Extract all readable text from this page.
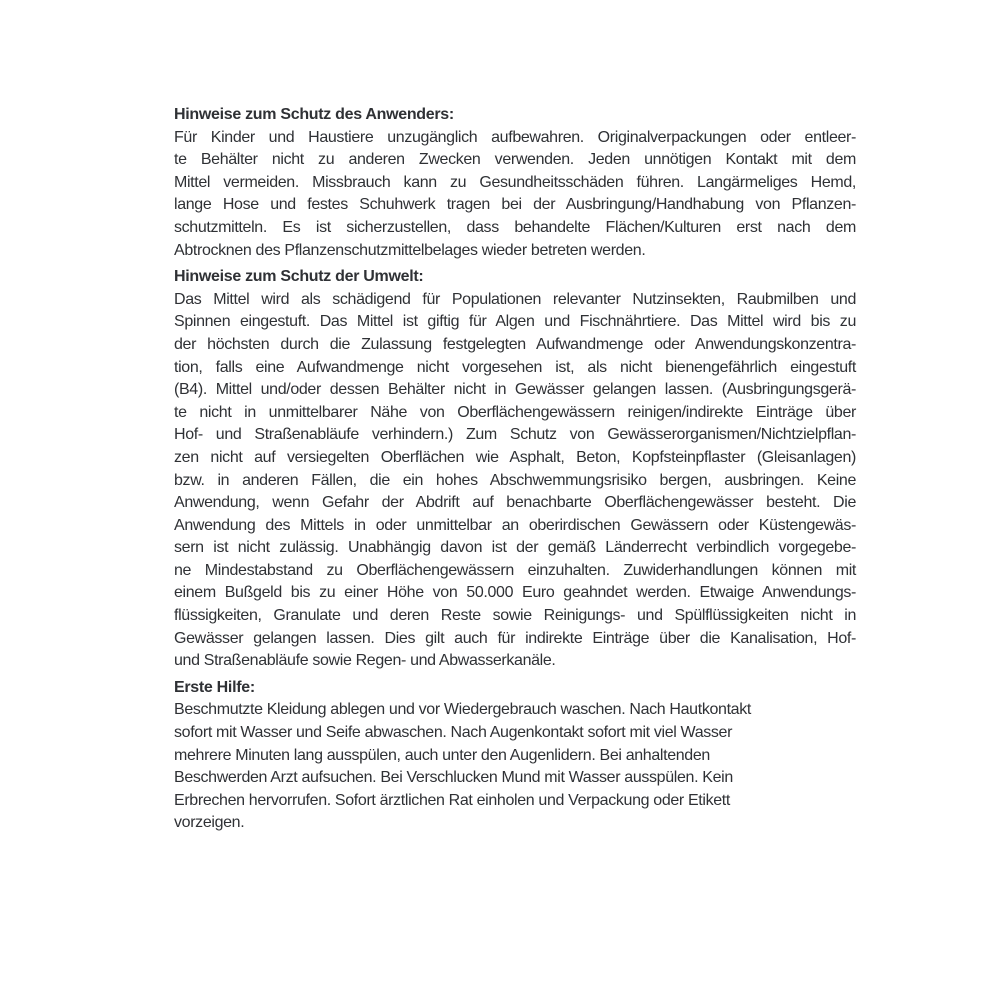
Hinweise zum Schutz des Anwenders:
Für Kinder und Haustiere unzugänglich aufbewahren. Originalverpackungen oder entleer-
te Behälter nicht zu anderen Zwecken verwenden. Jeden unnötigen Kontakt mit dem
Mittel vermeiden. Missbrauch kann zu Gesundheitsschäden führen. Langärmeliges Hemd,
lange Hose und festes Schuhwerk tragen bei der Ausbringung/Handhabung von Pflanzen-
schutzmitteln. Es ist sicherzustellen, dass behandelte Flächen/Kulturen erst nach dem
Abtrocknen des Pflanzenschutzmittelbelages wieder betreten werden.
Hinweise zum Schutz der Umwelt:
Das Mittel wird als schädigend für Populationen relevanter Nutzinsekten, Raubmilben und
Spinnen eingestuft. Das Mittel ist giftig für Algen und Fischnährtiere. Das Mittel wird bis zu
der höchsten durch die Zulassung festgelegten Aufwandmenge oder Anwendungskonzentra-
tion, falls eine Aufwandmenge nicht vorgesehen ist, als nicht bienengefährlich eingestuft
(B4). Mittel und/oder dessen Behälter nicht in Gewässer gelangen lassen. (Ausbringungsgerä-
te nicht in unmittelbarer Nähe von Oberflächengewässern reinigen/indirekte Einträge über
Hof- und Straßenabläufe verhindern.) Zum Schutz von Gewässerorganismen/Nichtzielpflan-
zen nicht auf versiegelten Oberflächen wie Asphalt, Beton, Kopfsteinpflaster (Gleisanlagen)
bzw. in anderen Fällen, die ein hohes Abschwemmungsrisiko bergen, ausbringen. Keine
Anwendung, wenn Gefahr der Abdrift auf benachbarte Oberflächengewässer besteht. Die
Anwendung des Mittels in oder unmittelbar an oberirdischen Gewässern oder Küstengewäs-
sern ist nicht zulässig. Unabhängig davon ist der gemäß Länderrecht verbindlich vorgegebe-
ne Mindestabstand zu Oberflächengewässern einzuhalten. Zuwiderhandlungen können mit
einem Bußgeld bis zu einer Höhe von 50.000 Euro geahndet werden. Etwaige Anwendungs-
flüssigkeiten, Granulate und deren Reste sowie Reinigungs- und Spülflüssigkeiten nicht in
Gewässer gelangen lassen. Dies gilt auch für indirekte Einträge über die Kanalisation, Hof-
und Straßenabläufe sowie Regen- und Abwasserkanäle.
Erste Hilfe:
Beschmutzte Kleidung ablegen und vor Wiedergebrauch waschen. Nach Hautkontakt
sofort mit Wasser und Seife abwaschen. Nach Augenkontakt sofort mit viel Wasser
mehrere Minuten lang ausspülen, auch unter den Augenlidern. Bei anhaltenden
Beschwerden Arzt aufsuchen. Bei Verschlucken Mund mit Wasser ausspülen. Kein
Erbrechen hervorrufen. Sofort ärztlichen Rat einholen und Verpackung oder Etikett
vorzeigen.
